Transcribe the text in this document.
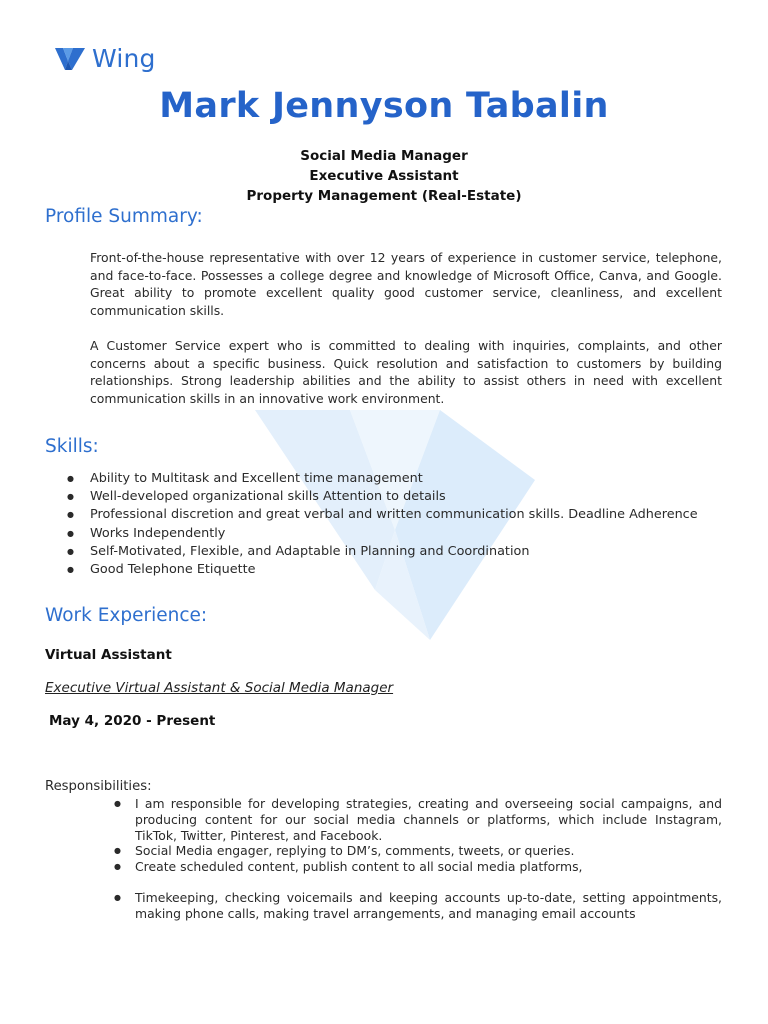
Wing
Mark Jennyson Tabalin
Social Media Manager
Executive Assistant
Property Management (Real-Estate)
Profile Summary:

Front-of-the-house representative with over 12 years of experience in customer service, telephone, and face-to-face. Possesses a college degree and knowledge of Microsoft Office, Canva, and Google. Great ability to promote excellent quality good customer service, cleanliness, and excellent communication skills.

A Customer Service expert who is committed to dealing with inquiries, complaints, and other concerns about a specific business. Quick resolution and satisfaction to customers by building relationships. Strong leadership abilities and the ability to assist others in need with excellent communication skills in an innovative work environment.

Skills:
● Ability to Multitask and Excellent time management
● Well-developed organizational skills Attention to details
● Professional discretion and great verbal and written communication skills. Deadline Adherence
● Works Independently
● Self-Motivated, Flexible, and Adaptable in Planning and Coordination
● Good Telephone Etiquette
Work Experience:
Virtual Assistant
Executive Virtual Assistant & Social Media Manager
May 4, 2020 - Present
Responsibilities:
● I am responsible for developing strategies, creating and overseeing social campaigns, and producing content for our social media channels or platforms, which include Instagram, TikTok, Twitter, Pinterest, and Facebook.
● Social Media engager, replying to DM’s, comments, tweets, or queries.
● Create scheduled content, publish content to all social media platforms,
● Timekeeping, checking voicemails and keeping accounts up-to-date, setting appointments, making phone calls, making travel arrangements, and managing email accounts
